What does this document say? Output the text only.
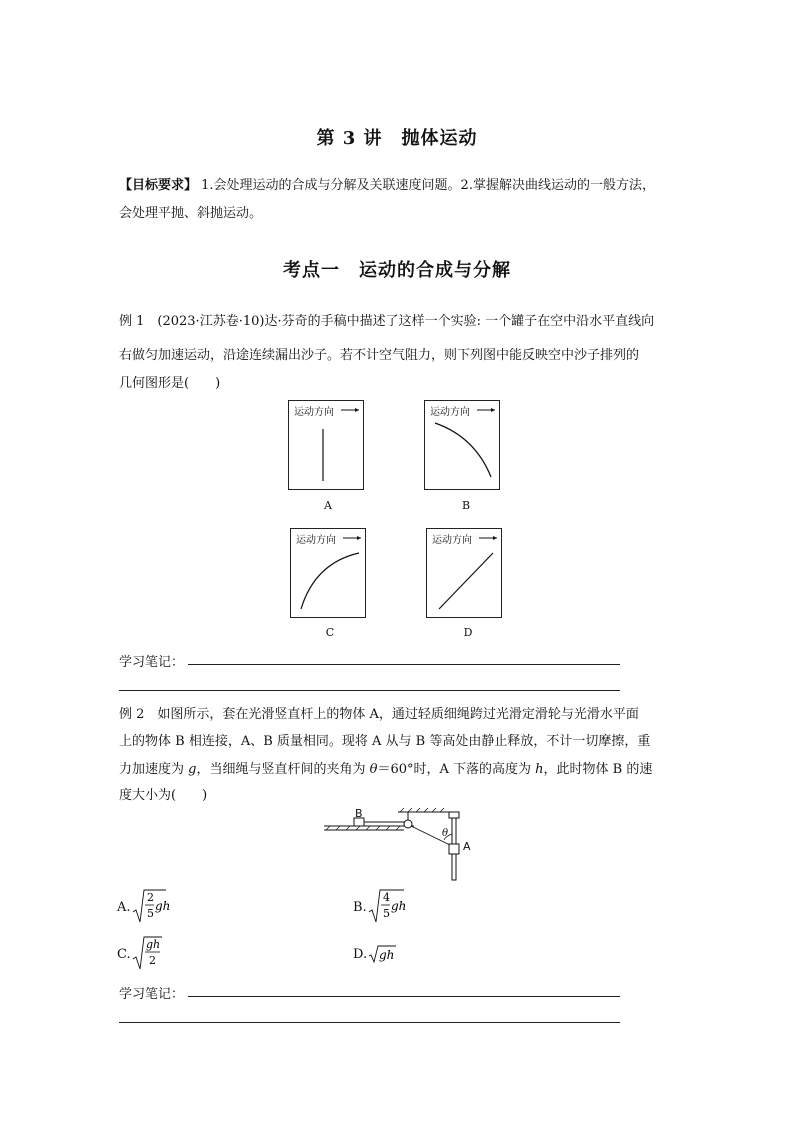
第 3 讲　抛体运动
【目标要求】 1.会处理运动的合成与分解及关联速度问题。2.掌握解决曲线运动的一般方法，
会处理平抛、斜抛运动。
考点一　运动的合成与分解
例 1　(2023·江苏卷·10)达·芬奇的手稿中描述了这样一个实验: 一个罐子在空中沿水平直线向
右做匀加速运动，沿途连续漏出沙子。若不计空气阻力，则下列图中能反映空中沙子排列的
几何图形是(　　)
运动方向
A
运动方向
B
运动方向
C
运动方向
D
学习笔记：
例 2　如图所示，套在光滑竖直杆上的物体 A，通过轻质细绳跨过光滑定滑轮与光滑水平面
上的物体 B 相连接，A、B 质量相同。现将 A 从与 B 等高处由静止释放，不计一切摩擦，重
力加速度为 g，当细绳与竖直杆间的夹角为 θ＝60°时，A 下落的高度为 h，此时物体 B 的速
度大小为(　　)
B
A
θ
A.
2
5
gh	B.
4
5
gh
C.
gh
2	D. gh
学习笔记：
